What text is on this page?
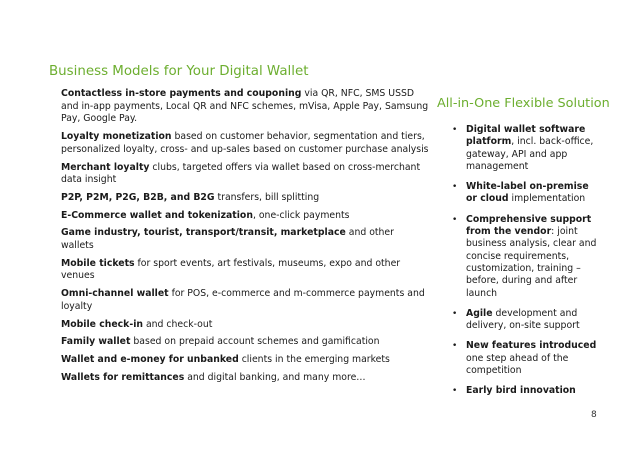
Business Models for Your Digital Wallet
Contactless in-store payments and couponing via QR, NFC, SMS USSD and in-app payments, Local QR and NFC schemes, mVisa, Apple Pay, Samsung Pay, Google Pay.
Loyalty monetization based on customer behavior, segmentation and tiers, personalized loyalty, cross- and up-sales based on customer purchase analysis
Merchant loyalty clubs, targeted offers via wallet based on cross-merchant data insight
P2P, P2M, P2G, B2B, and B2G transfers, bill splitting
E-Commerce wallet and tokenization, one-click payments
Game industry, tourist, transport/transit, marketplace and other wallets
Mobile tickets for sport events, art festivals, museums, expo and other venues
Omni-channel wallet for POS, e-commerce and m-commerce payments and loyalty
Mobile check-in and check-out
Family wallet based on prepaid account schemes and gamification
Wallet and e-money for unbanked clients in the emerging markets
Wallets for remittances and digital banking, and many more…
All-in-One Flexible Solution
• Digital wallet software platform, incl. back-office, gateway, API and app management
• White-label on-premise or cloud implementation
• Comprehensive support from the vendor: joint business analysis, clear and concise requirements, customization, training – before, during and after launch
• Agile development and delivery, on-site support
• New features introduced one step ahead of the competition
• Early bird innovation
8
